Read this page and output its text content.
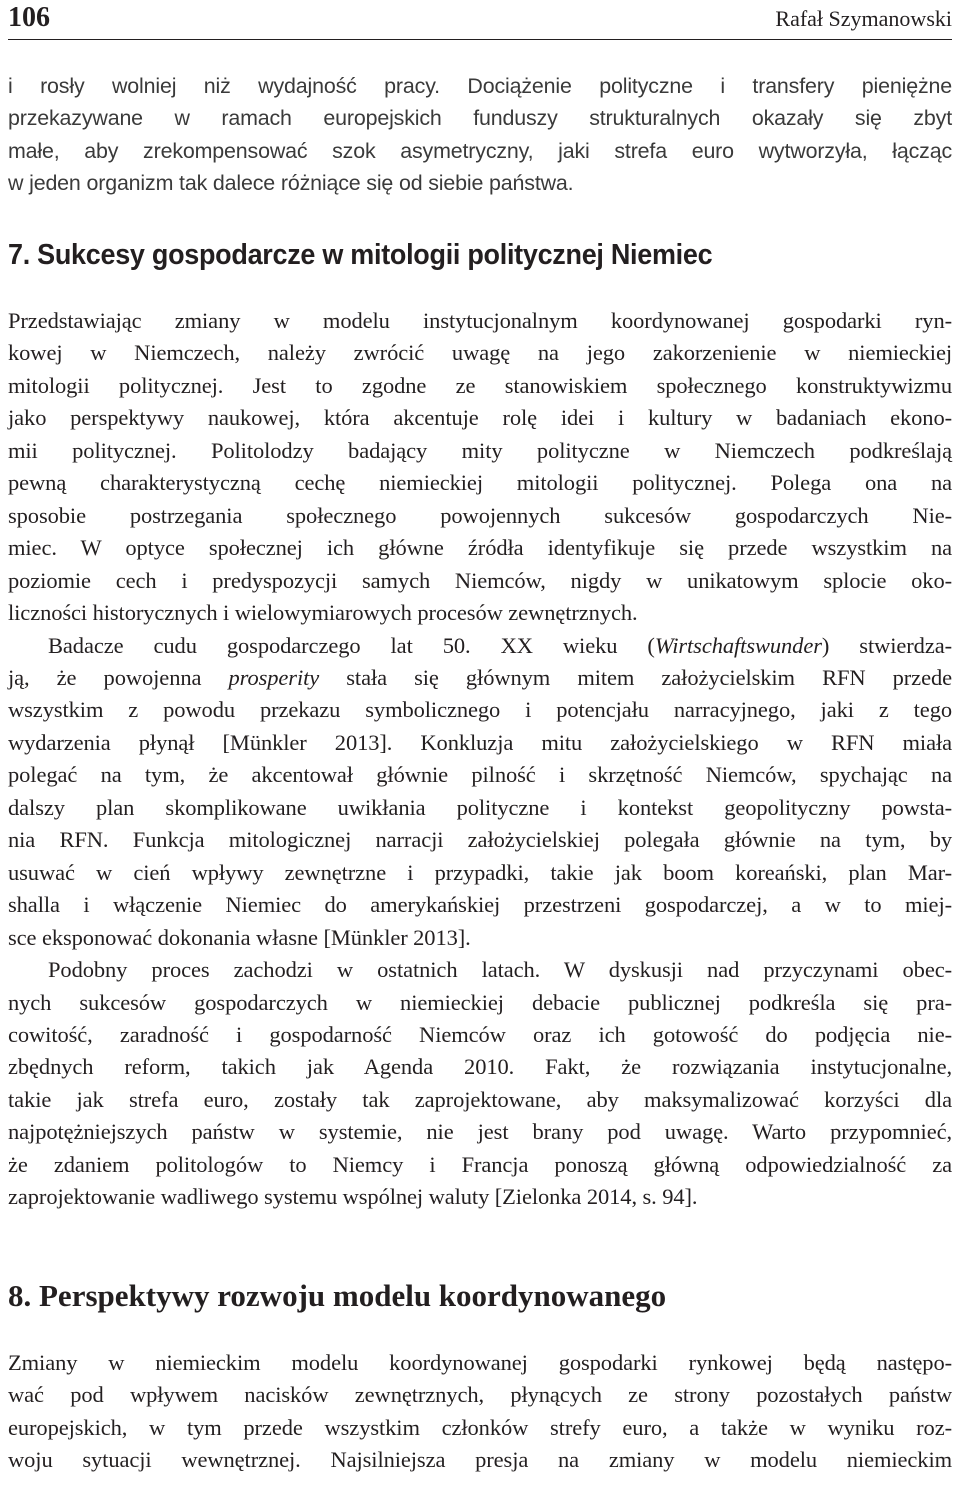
106	Rafał Szymanowski
i rosły wolniej niż wydajność pracy. Dociążenie polityczne i transfery pieniężne
przekazywane w ramach europejskich funduszy strukturalnych okazały się zbyt
małe, aby zrekompensować szok asymetryczny, jaki strefa euro wytworzyła, łącząc
w jeden organizm tak dalece różniące się od siebie państwa.
7. Sukcesy gospodarcze w mitologii politycznej Niemiec
Przedstawiając zmiany w modelu instytucjonalnym koordynowanej gospodarki ryn-
kowej w Niemczech, należy zwrócić uwagę na jego zakorzenienie w niemieckiej
mitologii politycznej. Jest to zgodne ze stanowiskiem społecznego konstruktywizmu
jako perspektywy naukowej, która akcentuje rolę idei i kultury w badaniach ekono-
mii politycznej. Politolodzy badający mity polityczne w Niemczech podkreślają
pewną charakterystyczną cechę niemieckiej mitologii politycznej. Polega ona na
sposobie postrzegania społecznego powojennych sukcesów gospodarczych Nie-
miec. W optyce społecznej ich główne źródła identyfikuje się przede wszystkim na
poziomie cech i predyspozycji samych Niemców, nigdy w unikatowym splocie oko-
liczności historycznych i wielowymiarowych procesów zewnętrznych.
Badacze cudu gospodarczego lat 50. XX wieku (Wirtschaftswunder) stwierdza-
ją, że powojenna prosperity stała się głównym mitem założycielskim RFN przede
wszystkim z powodu przekazu symbolicznego i potencjału narracyjnego, jaki z tego
wydarzenia płynął [Münkler 2013]. Konkluzja mitu założycielskiego w RFN miała
polegać na tym, że akcentował głównie pilność i skrzętność Niemców, spychając na
dalszy plan skomplikowane uwikłania polityczne i kontekst geopolityczny powsta-
nia RFN. Funkcja mitologicznej narracji założycielskiej polegała głównie na tym, by
usuwać w cień wpływy zewnętrzne i przypadki, takie jak boom koreański, plan Mar-
shalla i włączenie Niemiec do amerykańskiej przestrzeni gospodarczej, a w to miej-
sce eksponować dokonania własne [Münkler 2013].
Podobny proces zachodzi w ostatnich latach. W dyskusji nad przyczynami obec-
nych sukcesów gospodarczych w niemieckiej debacie publicznej podkreśla się pra-
cowitość, zaradność i gospodarność Niemców oraz ich gotowość do podjęcia nie-
zbędnych reform, takich jak Agenda 2010. Fakt, że rozwiązania instytucjonalne,
takie jak strefa euro, zostały tak zaprojektowane, aby maksymalizować korzyści dla
najpotężniejszych państw w systemie, nie jest brany pod uwagę. Warto przypomnieć,
że zdaniem politologów to Niemcy i Francja ponoszą główną odpowiedzialność za
zaprojektowanie wadliwego systemu wspólnej waluty [Zielonka 2014, s. 94].
8. Perspektywy rozwoju modelu koordynowanego
Zmiany w niemieckim modelu koordynowanej gospodarki rynkowej będą następo-
wać pod wpływem nacisków zewnętrznych, płynących ze strony pozostałych państw
europejskich, w tym przede wszystkim członków strefy euro, a także w wyniku roz-
woju sytuacji wewnętrznej. Najsilniejsza presja na zmiany w modelu niemieckim
